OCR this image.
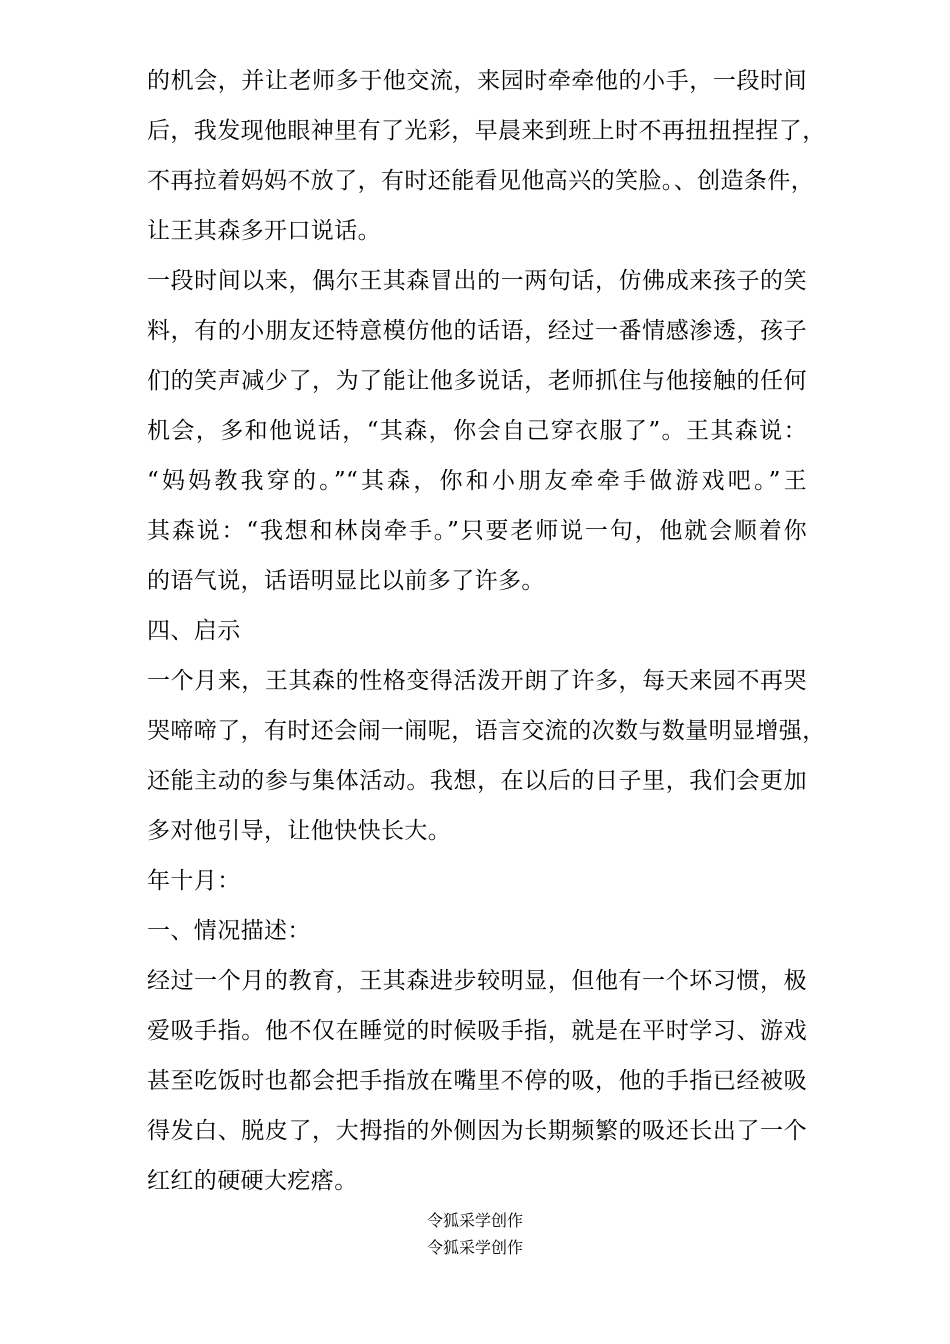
的机会，并让老师多于他交流，来园时牵牵他的小手，一段时间
后，我发现他眼神里有了光彩，早晨来到班上时不再扭扭捏捏了，
不再拉着妈妈不放了，有时还能看见他高兴的笑脸。、创造条件，
让王其森多开口说话。
一段时间以来，偶尔王其森冒出的一两句话，仿佛成来孩子的笑
料，有的小朋友还特意模仿他的话语，经过一番情感渗透，孩子
们的笑声减少了，为了能让他多说话，老师抓住与他接触的任何
机会，多和他说话，“其森，你会自己穿衣服了”。王其森说：
“妈妈教我穿的。”“其森，你和小朋友牵牵手做游戏吧。”王
其森说：“我想和林岗牵手。”只要老师说一句，他就会顺着你
的语气说，话语明显比以前多了许多。
四、启示
一个月来，王其森的性格变得活泼开朗了许多，每天来园不再哭
哭啼啼了，有时还会闹一闹呢，语言交流的次数与数量明显增强，
还能主动的参与集体活动。我想，在以后的日子里，我们会更加
多对他引导，让他快快长大。
年十月：
一、情况描述：
经过一个月的教育，王其森进步较明显，但他有一个坏习惯，极
爱吸手指。他不仅在睡觉的时候吸手指，就是在平时学习、游戏
甚至吃饭时也都会把手指放在嘴里不停的吸，他的手指已经被吸
得发白、脱皮了，大拇指的外侧因为长期频繁的吸还长出了一个
红红的硬硬大疙瘩。
令狐采学创作
令狐采学创作
